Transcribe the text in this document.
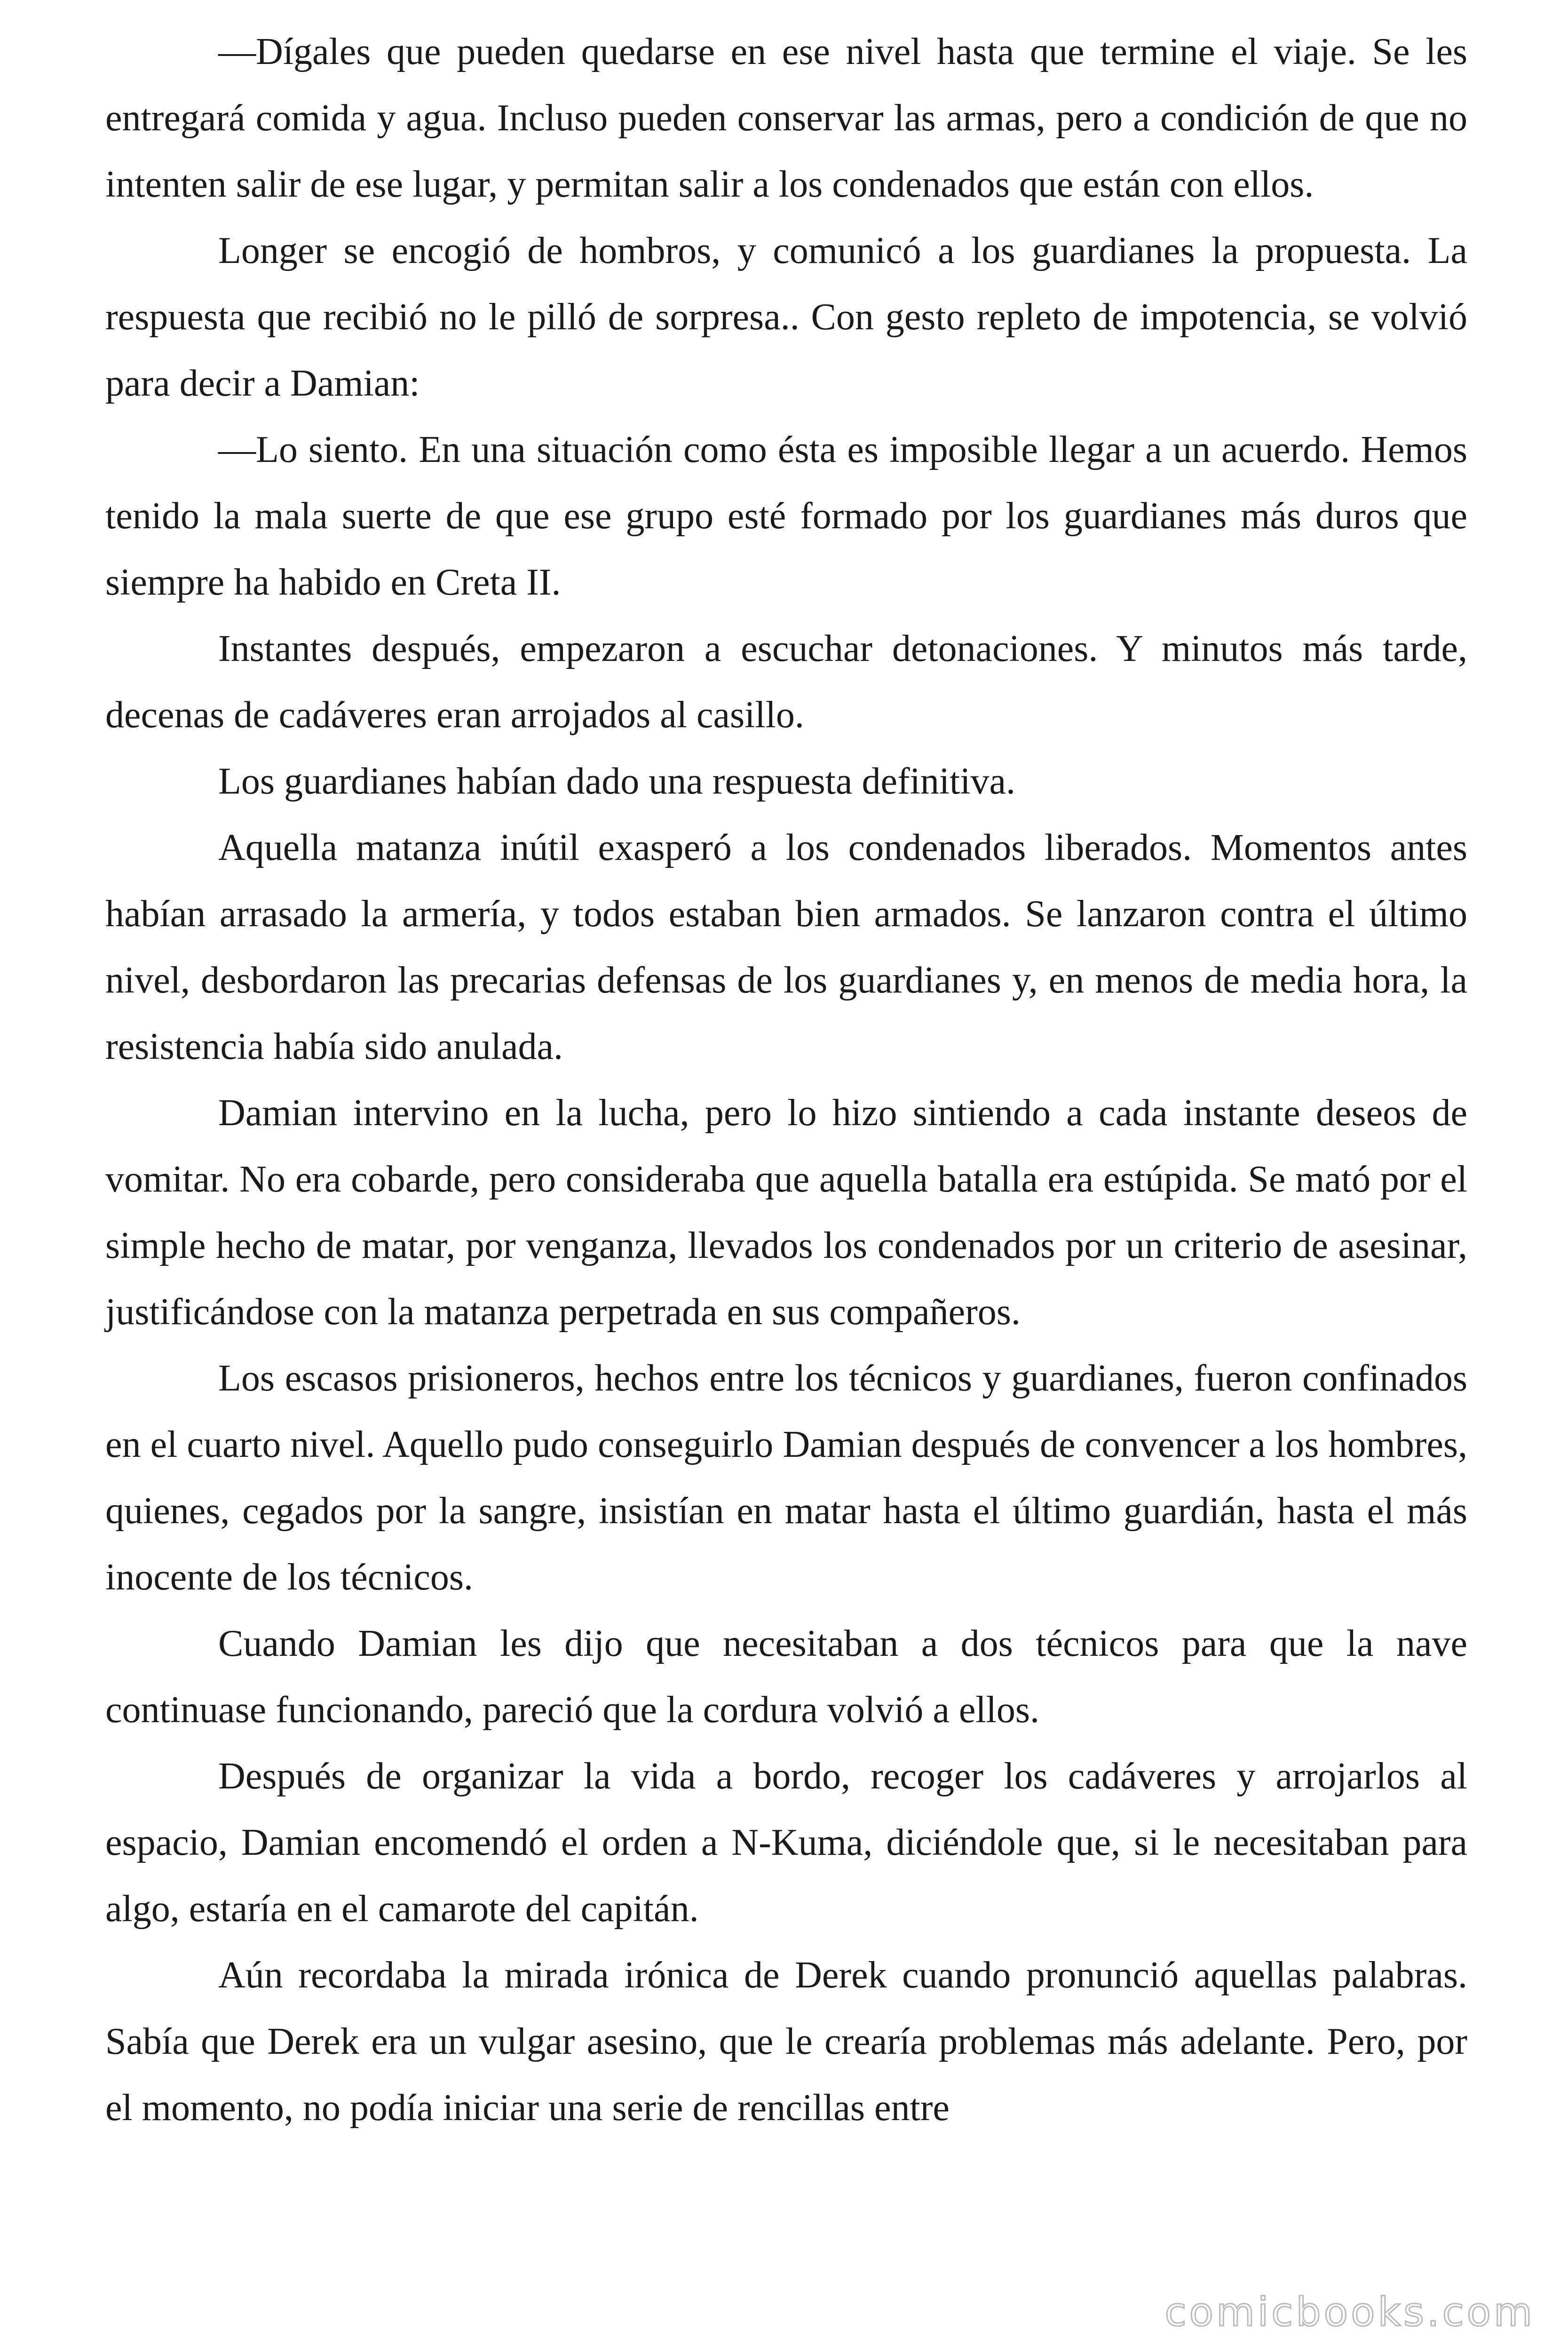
—Dígales que pueden quedarse en ese nivel hasta que termine el viaje. Se les entregará comida y agua. Incluso pueden conservar las armas, pero a condición de que no intenten salir de ese lugar, y permitan salir a los condenados que están con ellos.

Longer se encogió de hombros, y comunicó a los guardianes la propuesta. La respuesta que recibió no le pilló de sorpresa.. Con gesto repleto de impotencia, se volvió para decir a Damian:

—Lo siento. En una situación como ésta es imposible llegar a un acuerdo. Hemos tenido la mala suerte de que ese grupo esté formado por los guardianes más duros que siempre ha habido en Creta II.

Instantes después, empezaron a escuchar detonaciones. Y minutos más tarde, decenas de cadáveres eran arrojados al casillo.

Los guardianes habían dado una respuesta definitiva.

Aquella matanza inútil exasperó a los condenados liberados. Momentos antes habían arrasado la armería, y todos estaban bien armados. Se lanzaron contra el último nivel, desbordaron las precarias defensas de los guardianes y, en menos de media hora, la resistencia había sido anulada.

Damian intervino en la lucha, pero lo hizo sintiendo a cada instante deseos de vomitar. No era cobarde, pero consideraba que aquella batalla era estúpida. Se mató por el simple hecho de matar, por venganza, llevados los condenados por un criterio de asesinar, justificándose con la matanza perpetrada en sus compañeros.

Los escasos prisioneros, hechos entre los técnicos y guardianes, fueron confinados en el cuarto nivel. Aquello pudo conseguirlo Damian después de convencer a los hombres, quienes, cegados por la sangre, insistían en matar hasta el último guardián, hasta el más inocente de los técnicos.

Cuando Damian les dijo que necesitaban a dos técnicos para que la nave continuase funcionando, pareció que la cordura volvió a ellos.

Después de organizar la vida a bordo, recoger los cadáveres y arrojarlos al espacio, Damian encomendó el orden a N-Kuma, diciéndole que, si le necesitaban para algo, estaría en el camarote del capitán.

Aún recordaba la mirada irónica de Derek cuando pronunció aquellas palabras. Sabía que Derek era un vulgar asesino, que le crearía problemas más adelante. Pero, por el momento, no podía iniciar una serie de rencillas entre

comicbooks.com
